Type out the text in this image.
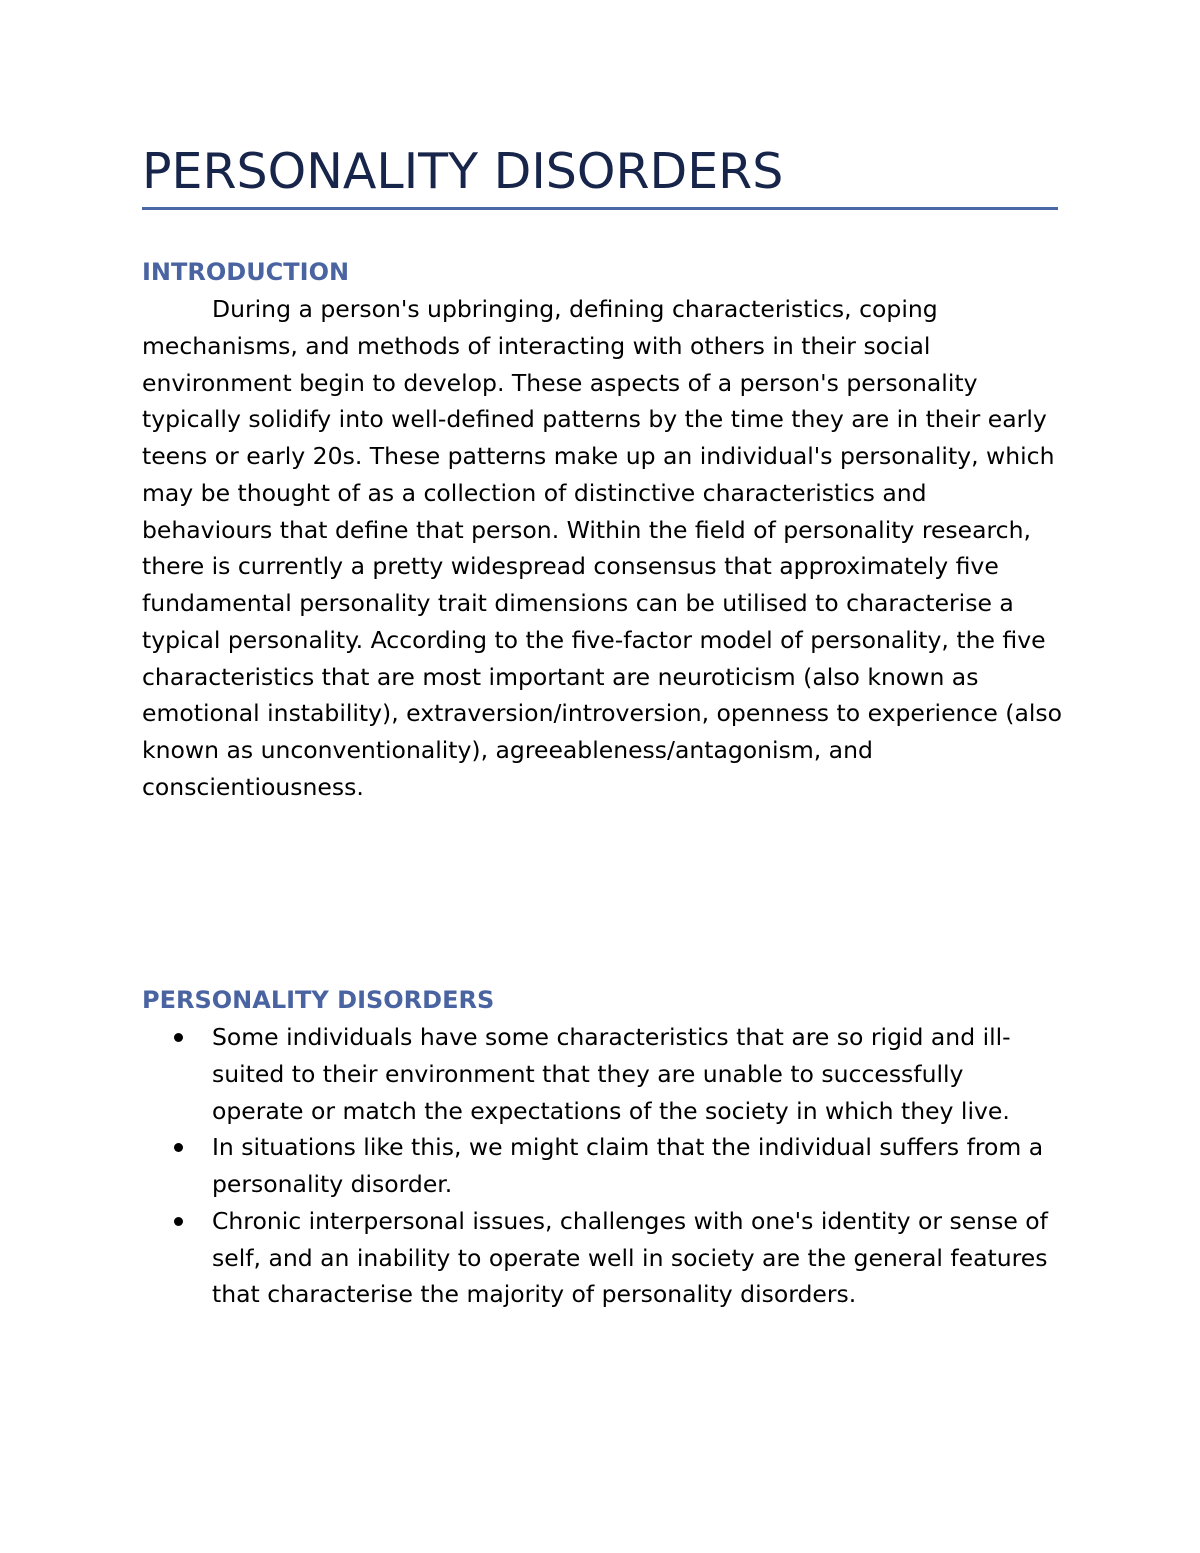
PERSONALITY DISORDERS
INTRODUCTION

During a person's upbringing, defining characteristics, coping mechanisms, and methods of interacting with others in their social environment begin to develop. These aspects of a person's personality typically solidify into well-defined patterns by the time they are in their early teens or early 20s. These patterns make up an individual's personality, which may be thought of as a collection of distinctive characteristics and behaviours that define that person. Within the field of personality research, there is currently a pretty widespread consensus that approximately five fundamental personality trait dimensions can be utilised to characterise a typical personality. According to the five-factor model of personality, the five characteristics that are most important are neuroticism (also known as emotional instability), extraversion/introversion, openness to experience (also known as unconventionality), agreeableness/antagonism, and conscientiousness.

PERSONALITY DISORDERS
Some individuals have some characteristics that are so rigid and ill-suited to their environment that they are unable to successfully operate or match the expectations of the society in which they live.
In situations like this, we might claim that the individual suffers from a personality disorder.
Chronic interpersonal issues, challenges with one's identity or sense of self, and an inability to operate well in society are the general features that characterise the majority of personality disorders.
